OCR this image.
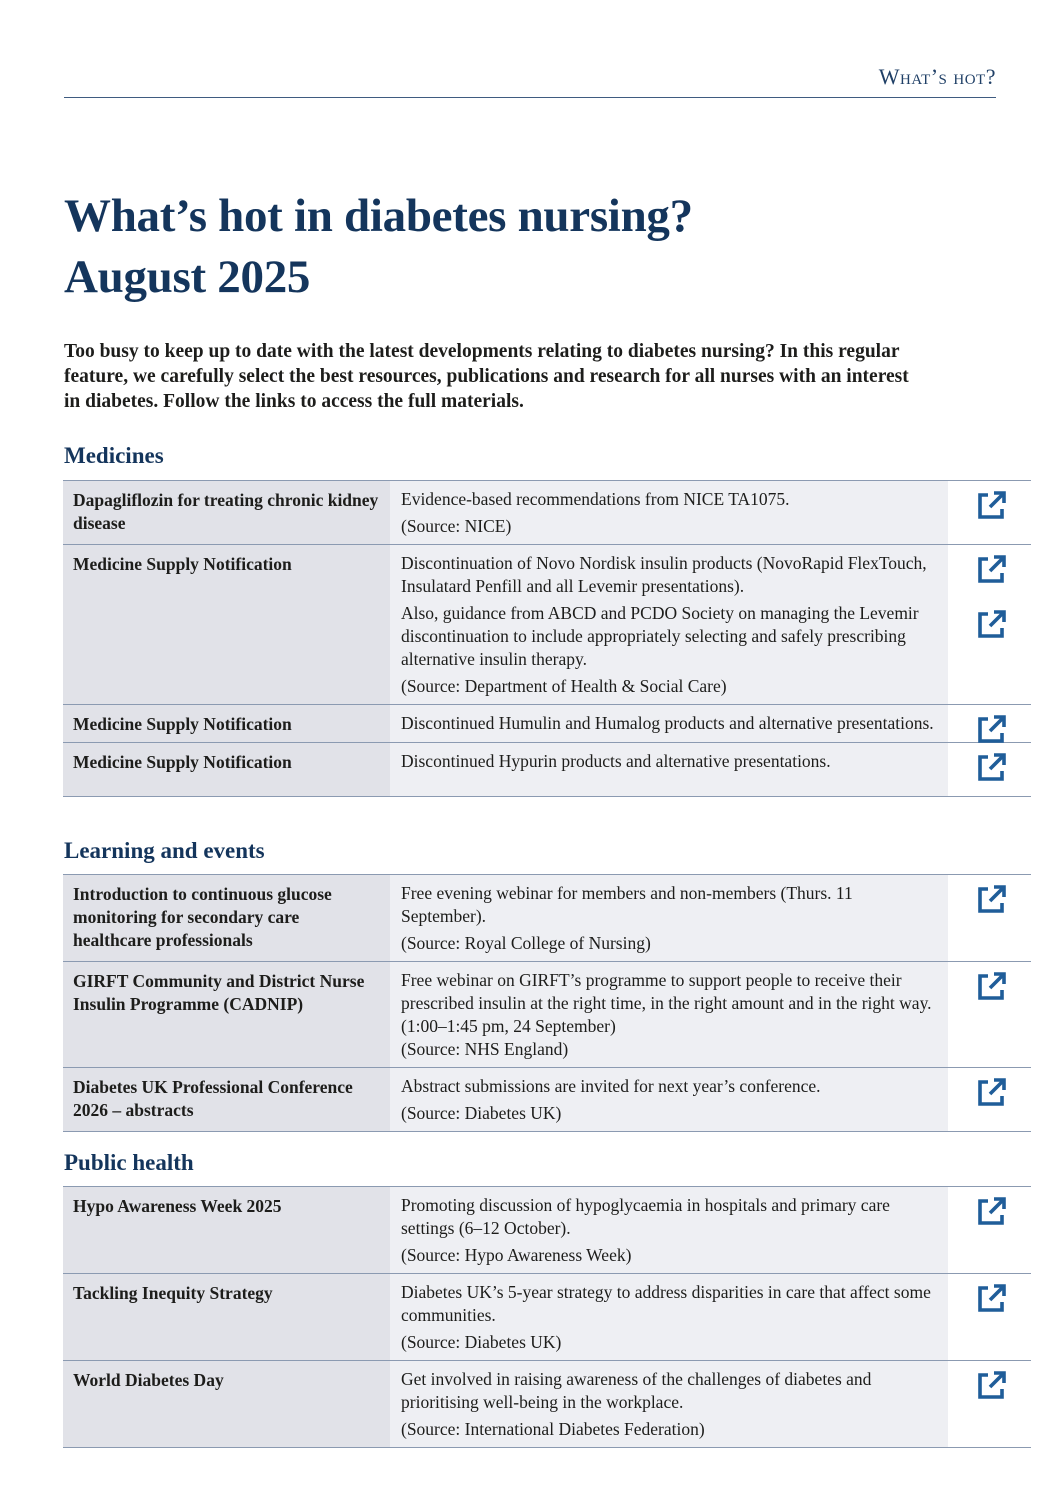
What’s hot?
What’s hot in diabetes nursing?
August 2025
Too busy to keep up to date with the latest developments relating to diabetes nursing? In this regular feature, we carefully select the best resources, publications and research for all nurses with an interest in diabetes. Follow the links to access the full materials.
Medicines
Dapagliflozin for treating chronic kidney disease	Evidence-based recommendations from NICE TA1075.

(Source: NICE)

Medicine Supply Notification	Discontinuation of Novo Nordisk insulin products (NovoRapid FlexTouch, Insulatard Penfill and all Levemir presentations).

Also, guidance from ABCD and PCDO Society on managing the Levemir discontinuation to include appropriately selecting and safely prescribing alternative insulin therapy.

(Source: Department of Health & Social Care)

Medicine Supply Notification	Discontinued Humulin and Humalog products and alternative presentations.

Medicine Supply Notification	Discontinued Hypurin products and alternative presentations.

Learning and events
Introduction to continuous glucose monitoring for secondary care healthcare professionals	Free evening webinar for members and non-members (Thurs. 11 September).

(Source: Royal College of Nursing)

GIRFT Community and District Nurse Insulin Programme (CADNIP)	Free webinar on GIRFT’s programme to support people to receive their prescribed insulin at the right time, in the right amount and in the right way. (1:00–1:45 pm, 24 September)

(Source: NHS England)

Diabetes UK Professional Conference 2026 – abstracts	Abstract submissions are invited for next year’s conference.

(Source: Diabetes UK)

Public health
Hypo Awareness Week 2025	Promoting discussion of hypoglycaemia in hospitals and primary care settings (6–12 October).

(Source: Hypo Awareness Week)

Tackling Inequity Strategy	Diabetes UK’s 5-year strategy to address disparities in care that affect some communities.

(Source: Diabetes UK)

World Diabetes Day	Get involved in raising awareness of the challenges of diabetes and prioritising well-being in the workplace.

(Source: International Diabetes Federation)
